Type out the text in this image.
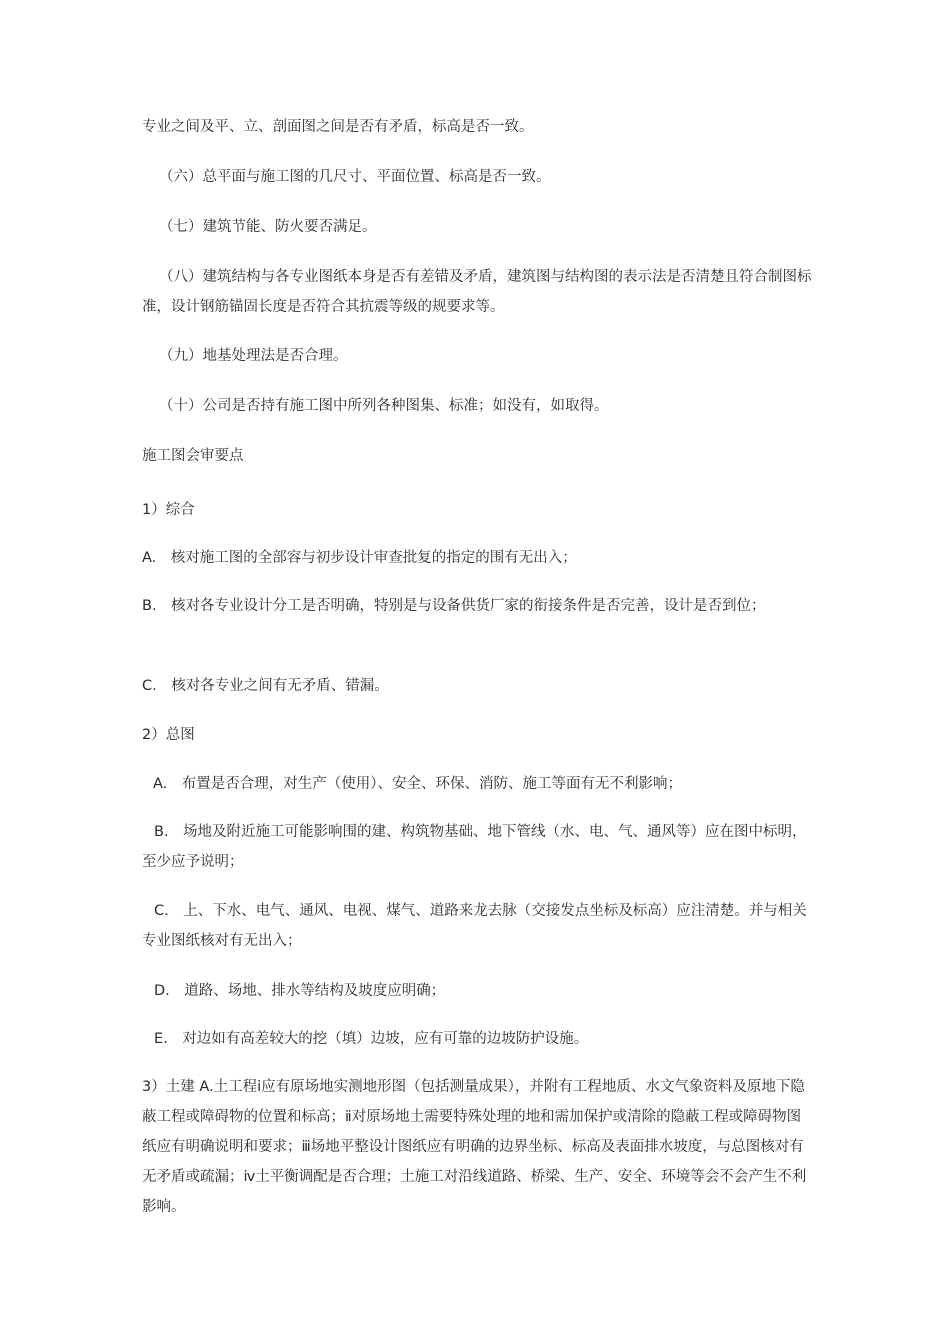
专业之间及平、立、剖面图之间是否有矛盾，标高是否一致。
（六）总平面与施工图的几尺寸、平面位置、标高是否一致。
（七）建筑节能、防火要否满足。
（八）建筑结构与各专业图纸本身是否有差错及矛盾，建筑图与结构图的表示法是否清楚且符合制图标准，设计钢筋锚固长度是否符合其抗震等级的规要求等。
（九）地基处理法是否合理。
（十）公司是否持有施工图中所列各种图集、标准；如没有，如取得。
施工图会审要点
1）综合
A.　核对施工图的全部容与初步设计审查批复的指定的围有无出入；
B.　核对各专业设计分工是否明确，特别是与设备供货厂家的衔接条件是否完善，设计是否到位；
C.　核对各专业之间有无矛盾、错漏。
2）总图
A.　布置是否合理，对生产（使用）、安全、环保、消防、施工等面有无不利影响；
B.　场地及附近施工可能影响围的建、构筑物基础、地下管线（水、电、气、通风等）应在图中标明，至少应予说明；
C.　上、下水、电气、通风、电视、煤气、道路来龙去脉（交接发点坐标及标高）应注清楚。并与相关专业图纸核对有无出入；
D.　道路、场地、排水等结构及坡度应明确；
E.　对边如有高差较大的挖（填）边坡，应有可靠的边坡防护设施。
3）土建 A.土工程ⅰ应有原场地实测地形图（包括测量成果），并附有工程地质、水文气象资料及原地下隐蔽工程或障碍物的位置和标高；ⅱ对原场地土需要特殊处理的地和需加保护或清除的隐蔽工程或障碍物图纸应有明确说明和要求；ⅲ场地平整设计图纸应有明确的边界坐标、标高及表面排水坡度，与总图核对有无矛盾或疏漏；ⅳ土平衡调配是否合理；土施工对沿线道路、桥梁、生产、安全、环境等会不会产生不利影响。
